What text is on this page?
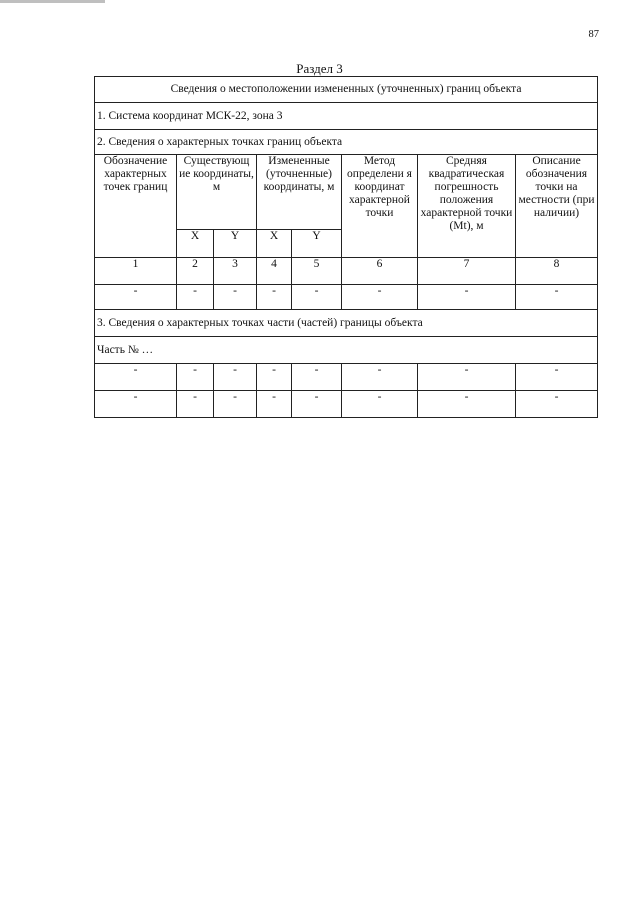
87
Раздел 3
Сведения о местоположении измененных (уточненных) границ объекта							
1. Система координат МСК-22, зона 3							
2. Сведения о характерных точках границ объекта							
Обозначение характерных точек границ	Существующ ие координаты, м		Измененные (уточненные) координаты, м		Метод определени я координат характерной точки	Средняя квадратическая погрешность положения характерной точки (Mt), м	Описание обозначения точки на местности (при наличии)
	X	Y	X	Y			
1	2	3	4	5	6	7	8
-	-	-	-	-	-	-	-
3. Сведения о характерных точках части (частей) границы объекта							
Часть № …							
-	-	-	-	-	-	-	-
-	-	-	-	-	-	-	-
